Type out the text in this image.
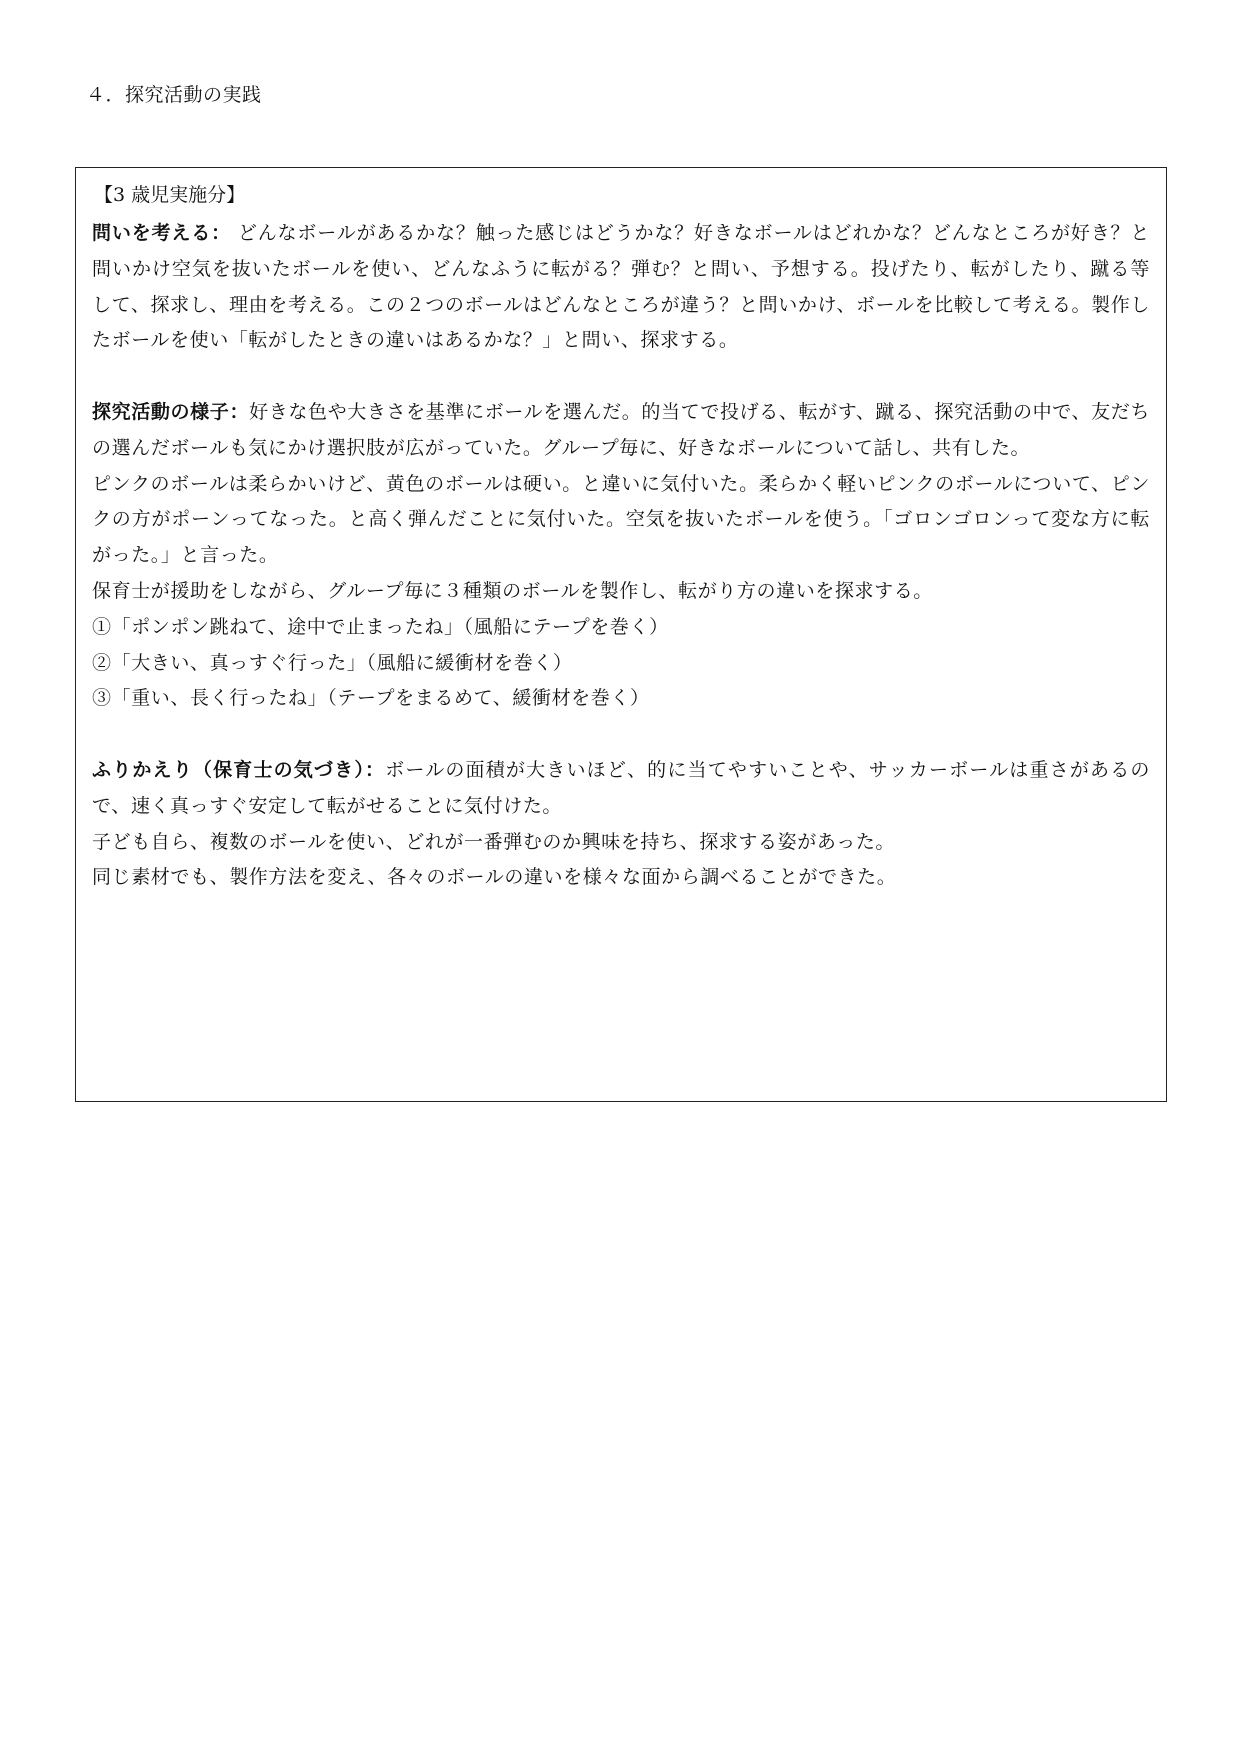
４．探究活動の実践
【3 歳児実施分】

問いを考える： どんなボールがあるかな？触った感じはどうかな？好きなボールはどれかな？どんなところが好き？と問いかけ空気を抜いたボールを使い、どんなふうに転がる？弾む？と問い、予想する。投げたり、転がしたり、蹴る等して、探求し、理由を考える。この２つのボールはどんなところが違う？と問いかけ、ボールを比較して考える。製作したボールを使い「転がしたときの違いはあるかな？」と問い、探求する。

探究活動の様子：好きな色や大きさを基準にボールを選んだ。的当てで投げる、転がす、蹴る、探究活動の中で、友だちの選んだボールも気にかけ選択肢が広がっていた。グループ毎に、好きなボールについて話し、共有した。

ピンクのボールは柔らかいけど、黄色のボールは硬い。と違いに気付いた。柔らかく軽いピンクのボールについて、ピンクの方がポーンってなった。と高く弾んだことに気付いた。空気を抜いたボールを使う。「ゴロンゴロンって変な方に転がった。」と言った。

保育士が援助をしながら、グループ毎に３種類のボールを製作し、転がり方の違いを探求する。

①「ポンポン跳ねて、途中で止まったね」（風船にテープを巻く）

②「大きい、真っすぐ行った」（風船に緩衝材を巻く）

③「重い、長く行ったね」（テープをまるめて、緩衝材を巻く）

ふりかえり（保育士の気づき）：ボールの面積が大きいほど、的に当てやすいことや、サッカーボールは重さがあるので、速く真っすぐ安定して転がせることに気付けた。

子ども自ら、複数のボールを使い、どれが一番弾むのか興味を持ち、探求する姿があった。

同じ素材でも、製作方法を変え、各々のボールの違いを様々な面から調べることができた。
